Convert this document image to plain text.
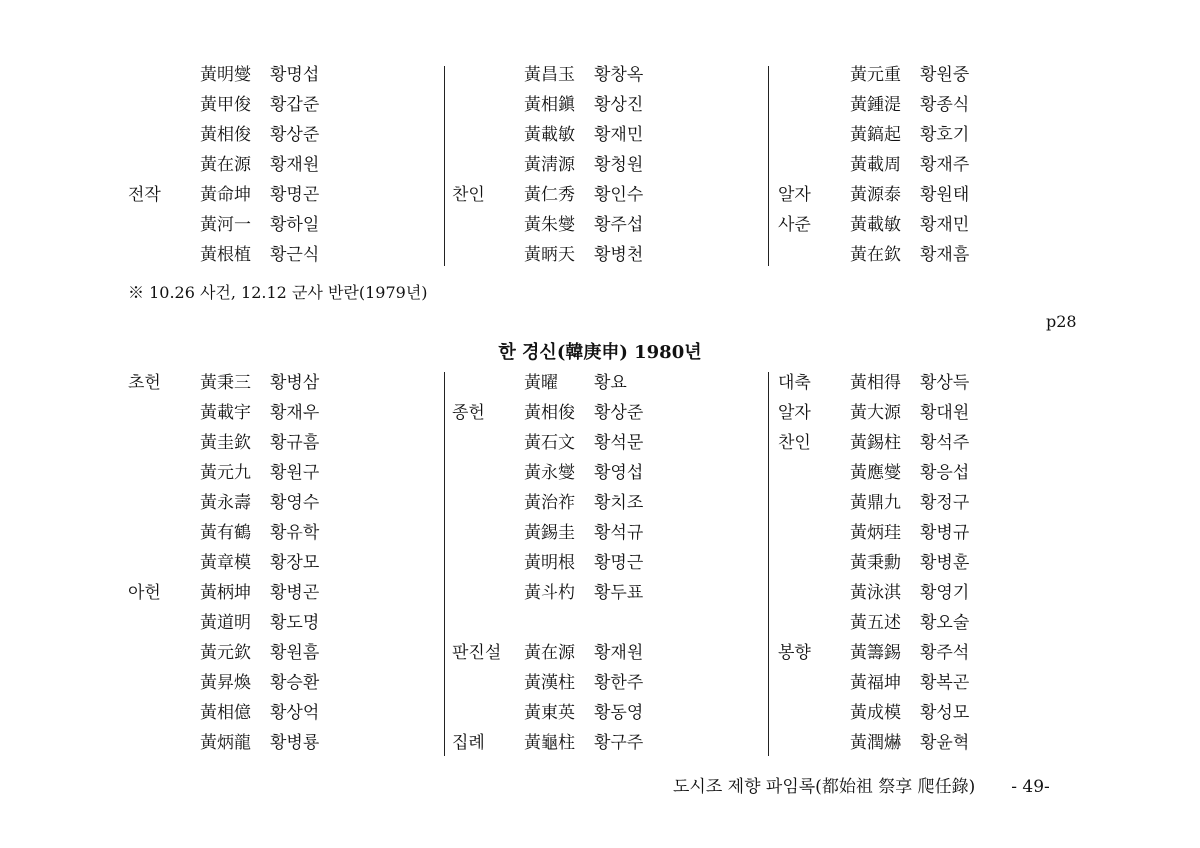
黃明燮 황명섭
黃甲俊 황갑준
黃相俊 황상준
黃在源 황재원
전작 黃命坤 황명곤
黃河一 황하일
黃根植 황근식
黃昌玉 황창옥
黃相鎭 황상진
黃載敏 황재민
黃淸源 황청원
찬인 黃仁秀 황인수
黃朱燮 황주섭
黃昞天 황병천
黃元重 황원중
黃鍾湜 황종식
黃鎬起 황호기
黃載周 황재주
알자 黃源泰 황원태
사준 黃載敏 황재민
黃在欽 황재흠
※ 10.26 사건, 12.12 군사 반란(1979년)
p28
한 경신(韓庚申) 1980년
초헌 黃秉三 황병삼
黃載宇 황재우
黃圭欽 황규흠
黃元九 황원구
黃永壽 황영수
黃有鶴 황유학
黃章模 황장모
아헌 黃柄坤 황병곤
黃道明 황도명
黃元欽 황원흠
黃昇煥 황승환
黃相億 황상억
黃炳龍 황병룡
黃曜 황요
종헌 黃相俊 황상준
黃石文 황석문
黃永燮 황영섭
黃治祚 황치조
黃錫圭 황석규
黃明根 황명근
黃斗杓 황두표
판진설 黃在源 황재원
黃漢柱 황한주
黃東英 황동영
집례 黃龜柱 황구주
대축 黃相得 황상득
알자 黃大源 황대원
찬인 黃錫柱 황석주
黃應燮 황응섭
黃鼎九 황정구
黃炳珪 황병규
黃秉勳 황병훈
黃泳淇 황영기
黃五述 황오술
봉향 黃籌錫 황주석
黃福坤 황복곤
黃成模 황성모
黃潤爀 황윤혁
도시조 제향 파임록(都始祖 祭享 爬任錄) - 49-
